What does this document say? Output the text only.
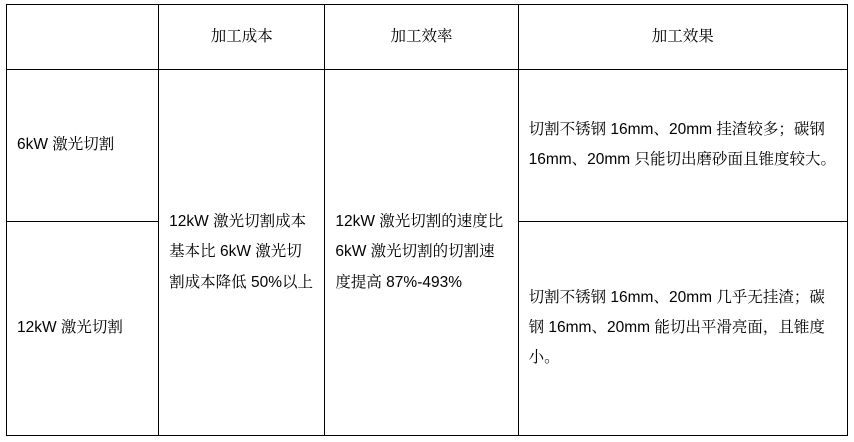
	加工成本	加工效率	加工效果
6kW 激光切割	12kW 激光切割成本基本比 6kW 激光切割成本降低 50%以上	12kW 激光切割的速度比 6kW 激光切割的切割速度提高 87%-493%	切割不锈钢 16mm、20mm 挂渣较多；碳钢 16mm、20mm 只能切出磨砂面且锥度较大。
12kW 激光切割			切割不锈钢 16mm、20mm 几乎无挂渣；碳钢 16mm、20mm 能切出平滑亮面，且锥度小。
